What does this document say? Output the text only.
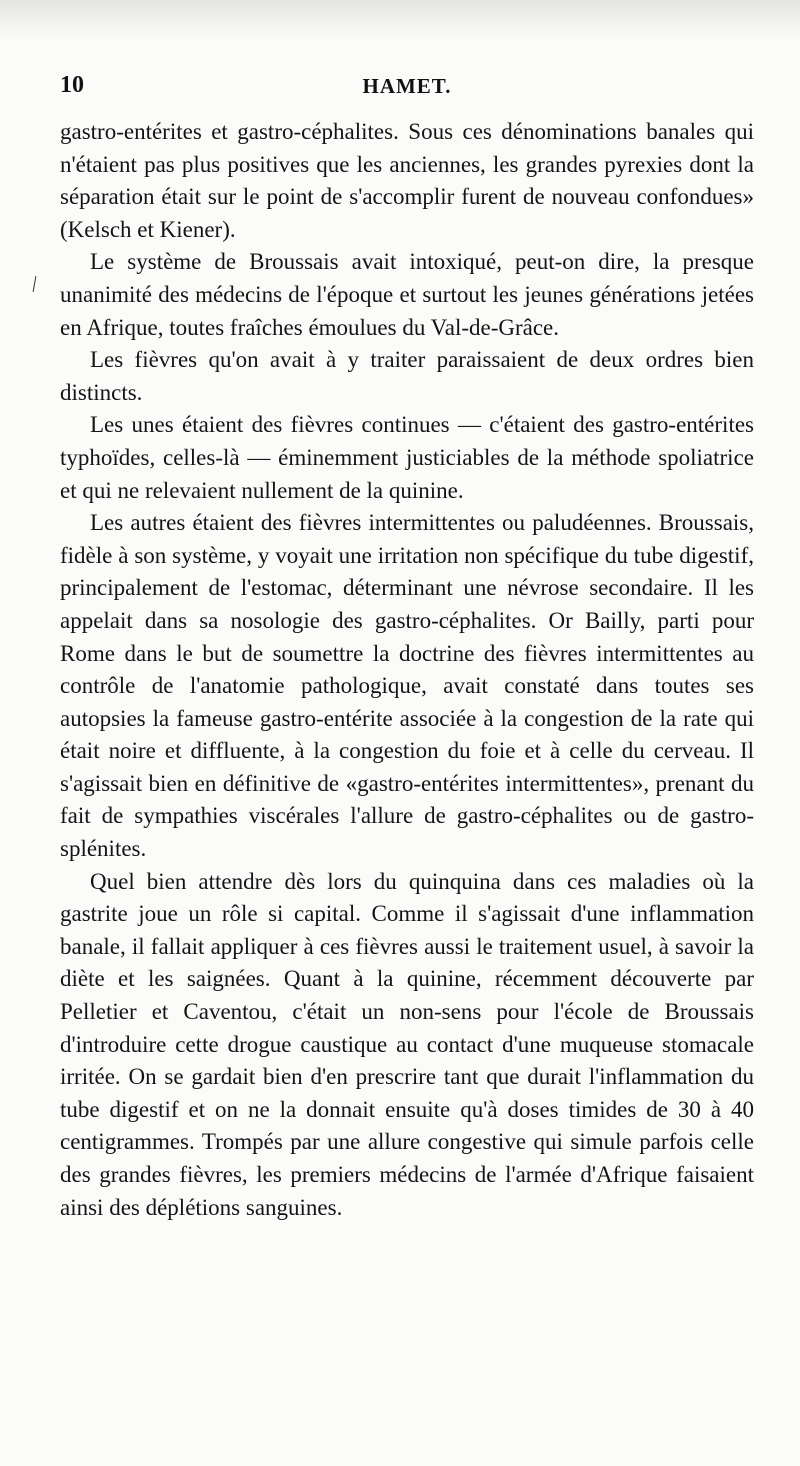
10	HAMET.

gastro-entérites et gastro-céphalites. Sous ces dénominations banales qui n'étaient pas plus positives que les anciennes, les grandes pyrexies dont la séparation était sur le point de s'accomplir furent de nouveau confondues» (Kelsch et Kiener).

Le système de Broussais avait intoxiqué, peut-on dire, la presque unanimité des médecins de l'époque et surtout les jeunes générations jetées en Afrique, toutes fraîches émoulues du Val-de-Grâce.

Les fièvres qu'on avait à y traiter paraissaient de deux ordres bien distincts.

Les unes étaient des fièvres continues — c'étaient des gastro-entérites typhoïdes, celles-là — éminemment justiciables de la méthode spoliatrice et qui ne relevaient nullement de la quinine.

Les autres étaient des fièvres intermittentes ou paludéennes. Broussais, fidèle à son système, y voyait une irritation non spécifique du tube digestif, principalement de l'estomac, déterminant une névrose secondaire. Il les appelait dans sa nosologie des gastro-céphalites. Or Bailly, parti pour Rome dans le but de soumettre la doctrine des fièvres intermittentes au contrôle de l'anatomie pathologique, avait constaté dans toutes ses autopsies la fameuse gastro-entérite associée à la congestion de la rate qui était noire et diffluente, à la congestion du foie et à celle du cerveau. Il s'agissait bien en définitive de «gastro-entérites intermittentes», prenant du fait de sympathies viscérales l'allure de gastro-céphalites ou de gastro-splénites.

Quel bien attendre dès lors du quinquina dans ces maladies où la gastrite joue un rôle si capital. Comme il s'agissait d'une inflammation banale, il fallait appliquer à ces fièvres aussi le traitement usuel, à savoir la diète et les saignées. Quant à la quinine, récemment découverte par Pelletier et Caventou, c'était un non-sens pour l'école de Broussais d'introduire cette drogue caustique au contact d'une muqueuse stomacale irritée. On se gardait bien d'en prescrire tant que durait l'inflammation du tube digestif et on ne la donnait ensuite qu'à doses timides de 30 à 40 centigrammes. Trompés par une allure congestive qui simule parfois celle des grandes fièvres, les premiers médecins de l'armée d'Afrique faisaient ainsi des déplétions sanguines.
